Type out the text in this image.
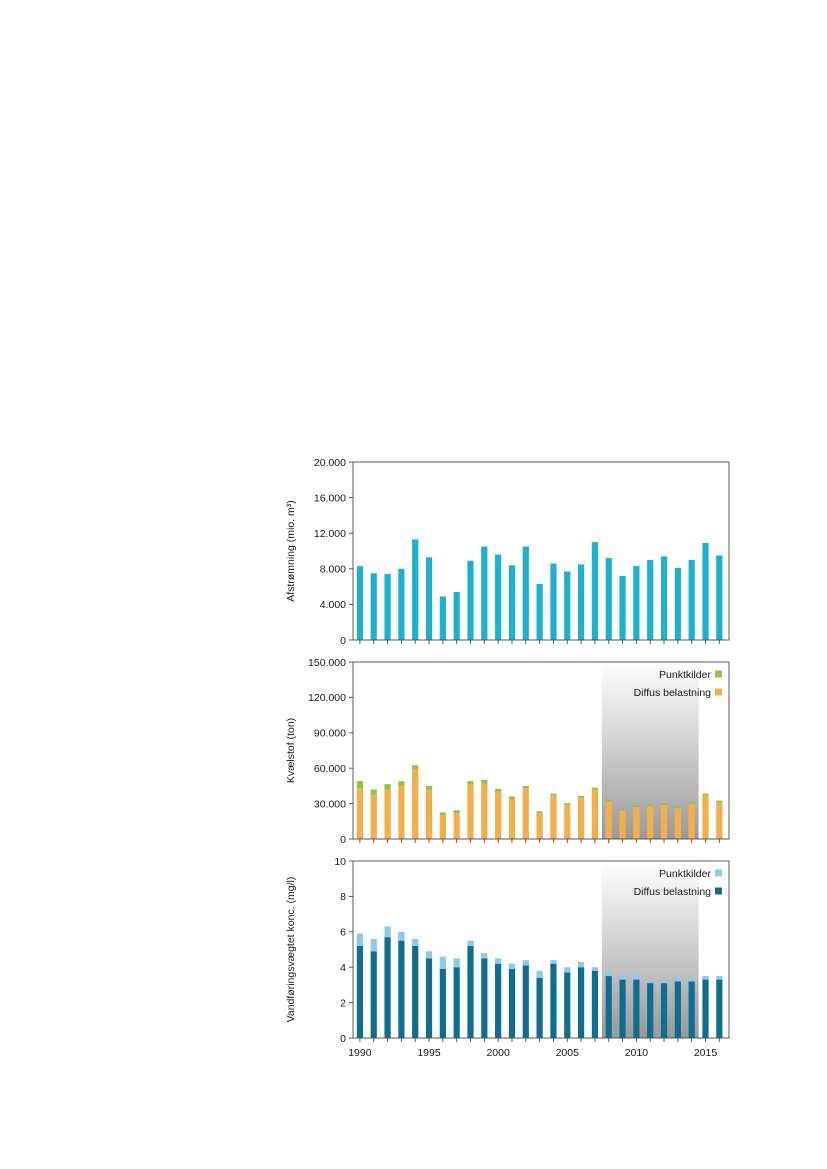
0
4.000
8.000
12.000
16.000
20.000
Afstrømning (mio. m³)
0
30.000
60.000
90.000
120.000
150.000
Kvælstof (ton)
Punktkilder
Diffus belastning
0
2
4
6
8
10
Vandføringsvægtet konc. (mg/l)
1990	1995	2000	2005	2010	2015
Punktkilder
Diffus belastning
